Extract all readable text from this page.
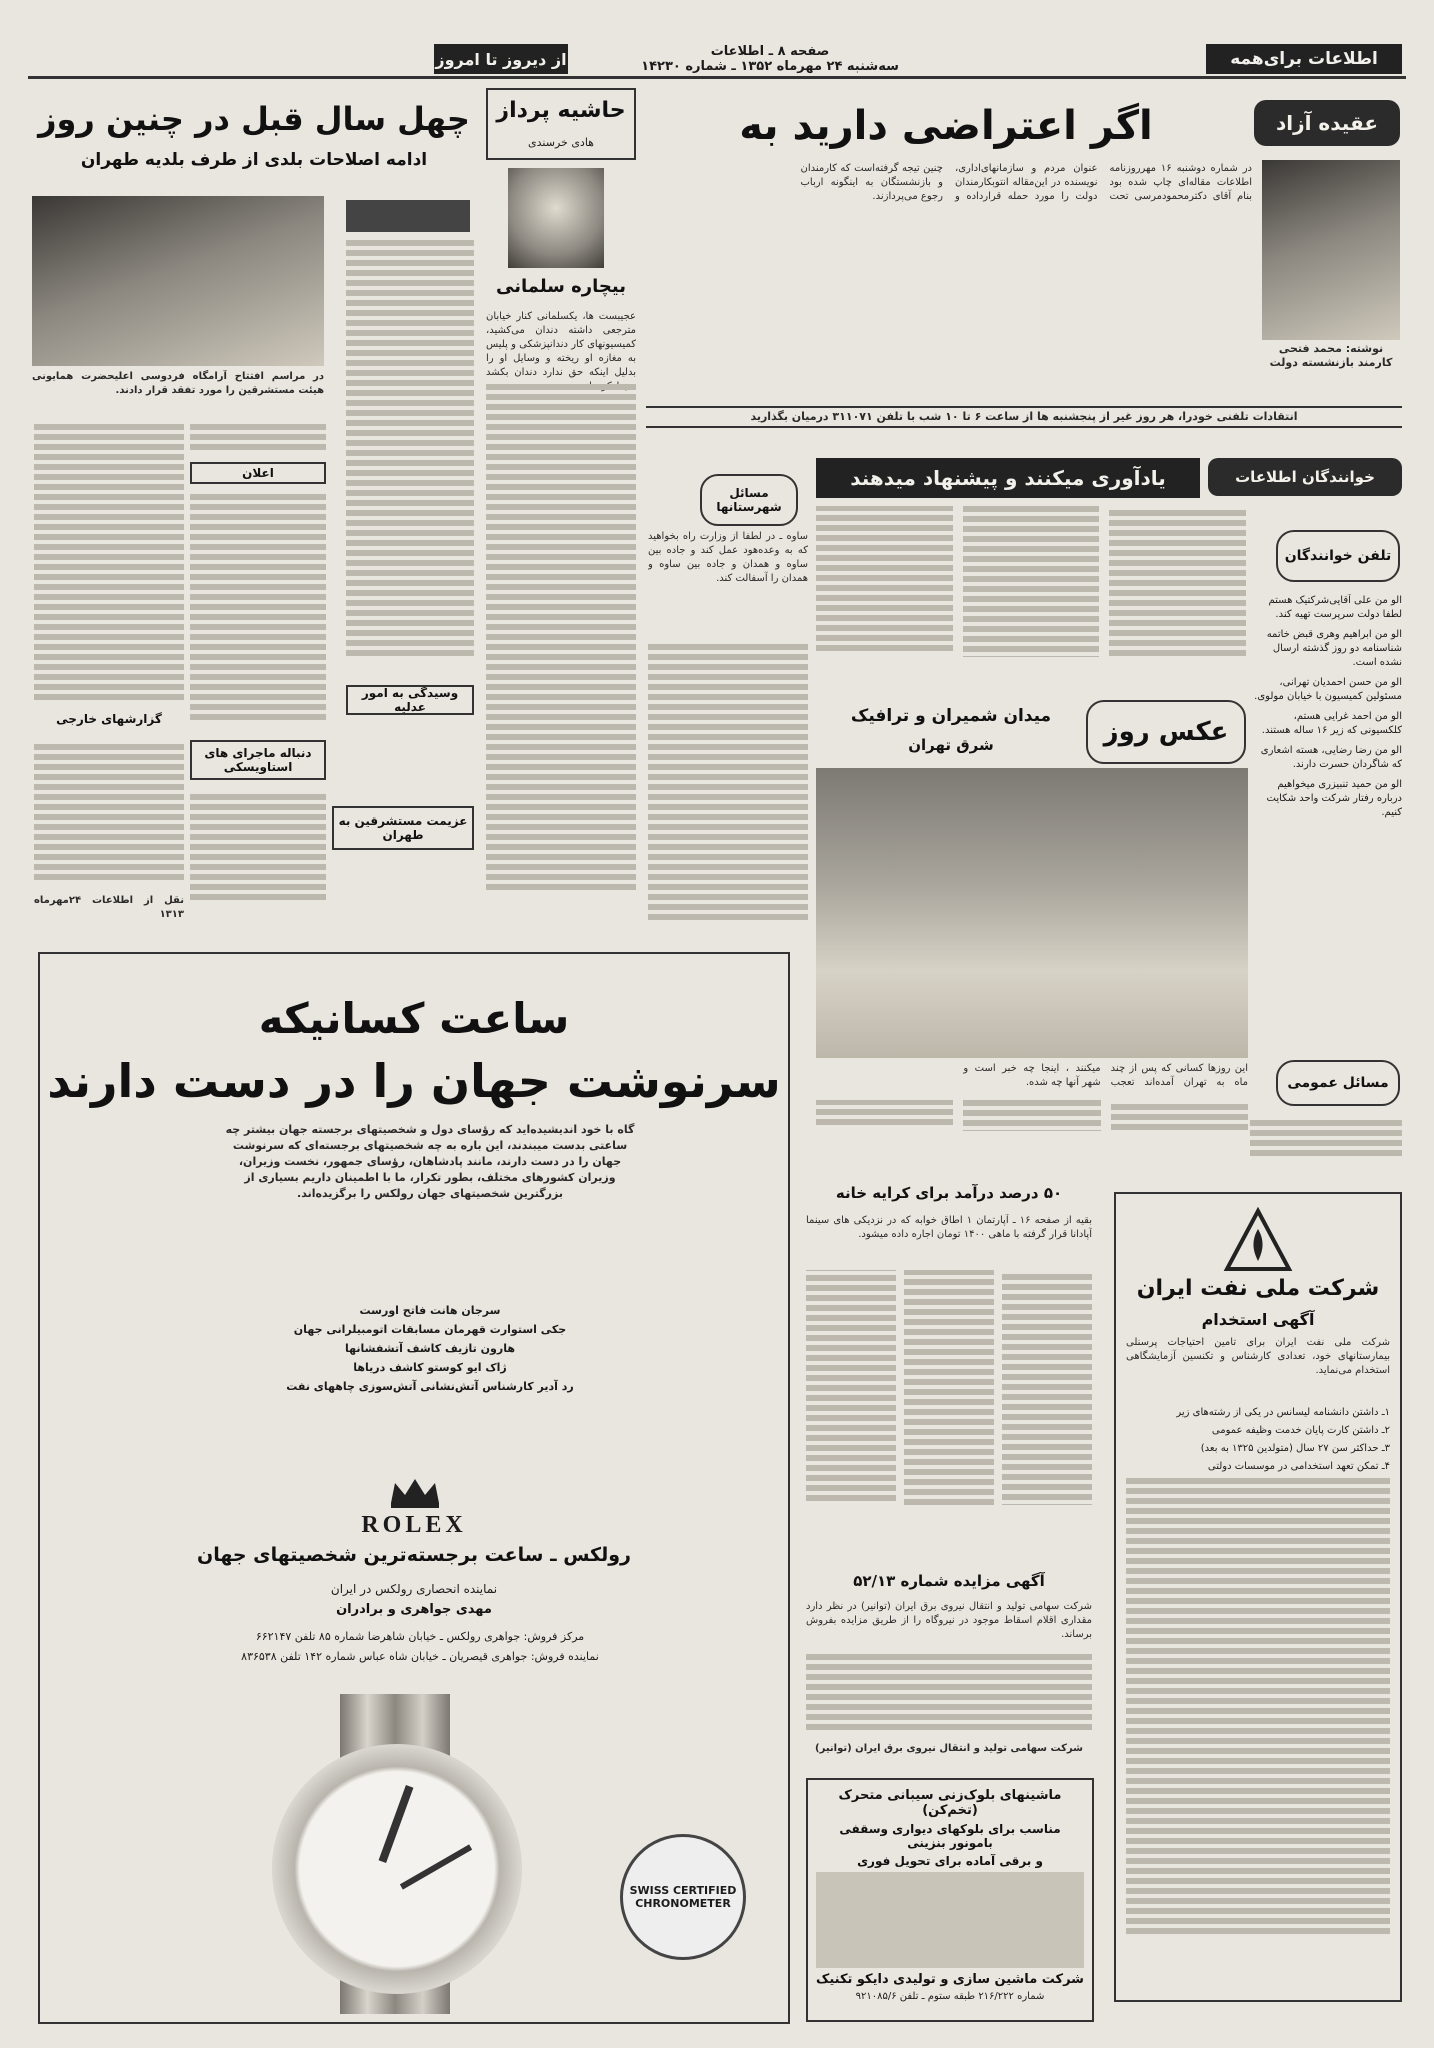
اطلاعات برای‌همه
صفحه ۸ ـ اطلاعات
سه‌شنبه ۲۴ مهرماه ۱۳۵۲ ـ شماره ۱۴۲۳۰
از دیروز تا امروز
عقیده آزاد
اگر اعتراضی دارید به
نوشته: محمد فتحی
کارمند بازنشسته دولت
در شماره دوشنبه ۱۶ مهرروزنامه اطلاعات مقاله‌ای چاپ شده بود بنام آقای دکترمحمودمرسی تحت عنوان مردم و سازمانهای‌اداری، نویسنده در این‌مقاله انتوبکارمندان دولت را مورد حمله قرارداده و چنین تیجه گرفته‌است که کارمندان و بازنشستگان به اینگونه ارباب رجوع می‌پردازند.
انتقادات تلفنی خودرا، هر روز غیر از پنجشنبه ها از ساعت ۶ تا ۱۰ شب با تلفن ۳۱۱۰۷۱ درمیان بگذارید
حاشیه پرداز
هادی خرسندی
بیچاره سلمانی
عجیبست ها، یکسلمانی کنار خیابان مترجعی داشته دندان می‌کشید، کمیسیونهای کار دندانپزشکی و پلیس به مغازه او ریخته و وسایل او را بدلیل اینکه حق ندارد دندان بکشد
چهل سال قبل در چنین روز
ادامه اصلاحات بلدی از طرف بلدیه طهران
در مراسم افتتاح آرامگاه فردوسی اعلیحضرت همایونی هیئت مستشرقین را مورد تفقد قرار دادند.
وسیدگی به امور عدلیه
عزیمت مستشرقین به طهران
اعلان
دنباله ماجرای های استاویسکی
گزارشهای خارجی
نقل از اطلاعات ۲۴مهرماه ۱۳۱۳
مسائل شهرستانها
ساوه ـ در لطفا از وزارت راه بخواهید که به وعده‌هود عمل کند و جاده بین ساوه و همدان و جاده بین ساوه و همدان را آسفالت کند.
خوانندگان اطلاعات
یادآوری میکنند و پیشنهاد میدهند
تلفن خوانندگان
الو من علی آقایی‌شرکتیک هستم لطفا دولت سرپرست تهیه کند.
الو من ابراهیم وهری قبض خاتمه شناسنامه دو روز گذشته ارسال نشده است.
الو من حسن احمدیان تهرانی، مسئولین کمیسیون با خیابان مولوی.
الو من احمد غرایی هستم، کلکسیونی که زیر ۱۶ ساله هستند.
الو من رضا رضایی، هسته اشعاری که شاگردان حسرت دارند.
الو من حمید تنبیزری میخواهیم درباره رفتار شرکت واحد شکایت کنیم.
مسائل عمومی
عکس روز
میدان شمیران و ترافیک
شرق تهران
این روزها کسانی که پس از چند ماه به تهران آمده‌اند تعجب میکنند ، اینجا چه خبر است و شهر آنها چه شده.
۵۰ درصد درآمد برای کرایه خانه
بقیه از صفحه ۱۶ ـ آپارتمان ۱ اطاق خوابه که در نزدیکی های سینما آپادانا قرار گرفته با ماهی ۱۴۰۰ تومان اجاره داده میشود.
آگهی مزایده شماره ۵۲/۱۳
شرکت سهامی تولید و انتقال نیروی برق ایران (توانیر) در نظر دارد مقداری اقلام اسقاط موجود در نیروگاه را از طریق مزایده بفروش برساند.
شرکت سهامی تولید و انتقال نیروی برق ایران (توانیر)
ماشینهای بلوک‌زنی سیبانی متحرک (تخم‌کن)
مناسب برای بلوکهای دیواری وسقفی بامونور بنزینی
و برقی آماده برای تحویل فوری
شرکت ماشین سازی و تولیدی دایکو تکنیک
شماره ۲۱۶/۲۲۲ طبقه ستوم ـ تلفن ۹۲۱۰۸۵/۶
شرکت ملی نفت ایران
آگهی استخدام
شرکت ملی نفت ایران برای تامین احتیاجات پرسنلی بیمارستانهای خود، تعدادی کارشناس و تکنسین آزمایشگاهی استخدام می‌نماید.
۱ـ داشتن دانشنامه لیسانس در یکی از رشته‌های زیر
۲ـ داشتن کارت پایان خدمت وظیفه عمومی
۳ـ حداکثر سن ۲۷ سال (متولدین ۱۳۲۵ به بعد)
۴ـ تمکن تعهد استخدامی در موسسات دولتی
ساعت کسانیکه
سرنوشت جهان را در دست دارند
گاه با خود اندیشیده‌اید که رؤسای دول و شخصیتهای برجسته جهان بیشتر چه ساعتی بدست میبندند، این باره به چه شخصیتهای برجسته‌ای که سرنوشت جهان را در دست دارند، مانند پادشاهان، رؤسای جمهور، نخست وزیران، وزیران کشورهای مختلف، بطور تکرار، ما با اطمینان داریم بسیاری از بزرگترین شخصیتهای جهان رولکس را برگزیده‌اند.
سرجان هانت فاتح اورست
جکی استوارت قهرمان مسابقات اتومبیلرانی جهان
هارون تازیف کاشف آتشفشانها
ژاک ایو کوستو کاشف دریاها
رد آدیر کارشناس آتش‌نشانی آتش‌سوزی چاههای نفت
ROLEX
رولکس ـ ساعت برجسته‌ترین شخصیتهای جهان
نماینده انحصاری رولکس در ایران
مهدی جواهری و برادران
مرکز فروش: جواهری رولکس ـ خیابان شاهرضا شماره ۸۵ تلفن ۶۶۲۱۴۷
نماینده فروش: جواهری قیصریان ـ خیابان شاه عباس شماره ۱۴۲ تلفن ۸۳۶۵۳۸
SWISS CERTIFIED CHRONOMETER
